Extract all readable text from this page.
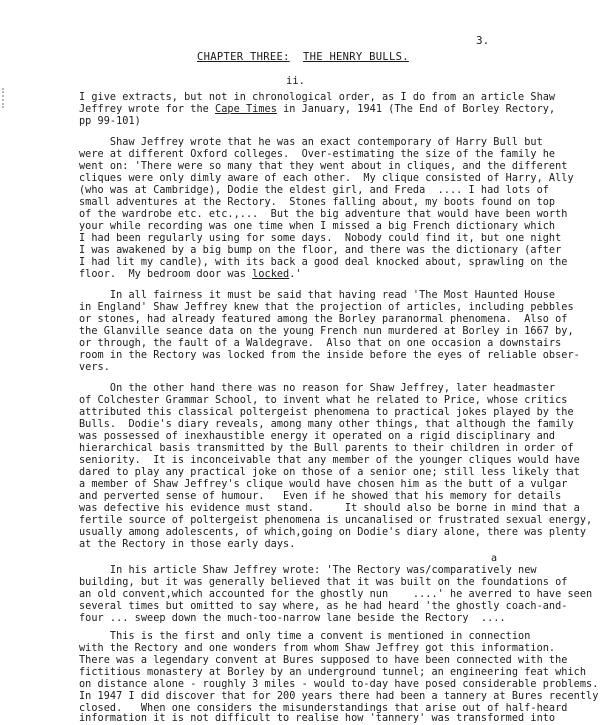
3.
CHAPTER THREE: THE HENRY BULLS.
ii.
I give extracts, but not in chronological order, as I do from an article Shaw
Jeffrey wrote for the Cape Times in January, 1941 (The End of Borley Rectory,
pp 99-101)
Shaw Jeffrey wrote that he was an exact contemporary of Harry Bull but
were at different Oxford colleges.  Over-estimating the size of the family he
went on: 'There were so many that they went about in cliques, and the different
cliques were only dimly aware of each other.  My clique consisted of Harry, Ally
(who was at Cambridge), Dodie the eldest girl, and Freda  .... I had lots of
small adventures at the Rectory.  Stones falling about, my boots found on top
of the wardrobe etc. etc.,...  But the big adventure that would have been worth
your while recording was one time when I missed a big French dictionary which
I had been regularly using for some days.  Nobody could find it, but one night
I was awakened by a big bump on the floor, and there was the dictionary (after
I had lit my candle), with its back a good deal knocked about, sprawling on the
floor.  My bedroom door was locked.'
In all fairness it must be said that having read 'The Most Haunted House
in England' Shaw Jeffrey knew that the projection of articles, including pebbles
or stones, had already featured among the Borley paranormal phenomena.  Also of
the Glanville seance data on the young French nun murdered at Borley in 1667 by,
or through, the fault of a Waldegrave.  Also that on one occasion a downstairs
room in the Rectory was locked from the inside before the eyes of reliable obser-
vers.
On the other hand there was no reason for Shaw Jeffrey, later headmaster
of Colchester Grammar School, to invent what he related to Price, whose critics
attributed this classical poltergeist phenomena to practical jokes played by the
Bulls.  Dodie's diary reveals, among many other things, that although the family
was possessed of inexhaustible energy it operated on a rigid disciplinary and
hierarchical basis transmitted by the Bull parents to their children in order of
seniority.  It is inconceivable that any member of the younger cliques would have
dared to play any practical joke on those of a senior one; still less likely that
a member of Shaw Jeffrey's clique would have chosen him as the butt of a vulgar
and perverted sense of humour.   Even if he showed that his memory for details
was defective his evidence must stand.     It should also be borne in mind that a
fertile source of poltergeist phenomena is uncanalised or frustrated sexual energy,
usually among adolescents, of which,going on Dodie's diary alone, there was plenty
at the Rectory in those early days.
a
In his article Shaw Jeffrey wrote: 'The Rectory was/comparatively new
building, but it was generally believed that it was built on the foundations of
an old convent,which accounted for the ghostly nun    ....' he averred to have seen
several times but omitted to say where, as he had heard 'the ghostly coach-and-
four ... sweep down the much-too-narrow lane beside the Rectory  ....
This is the first and only time a convent is mentioned in connection
with the Rectory and one wonders from whom Shaw Jeffrey got this information.
There was a legendary convent at Bures supposed to have been connected with the
fictitious monastery at Borley by an underground tunnel; an engineering feat which
on distance alone - roughly 3 miles - would to-day have posed considerable problems.
In 1947 I did discover that for 200 years there had been a tannery at Bures recently
closed.   When one considers the misunderstandings that arise out of half-heard
information it is not difficult to realise how 'tannery' was transformed into
